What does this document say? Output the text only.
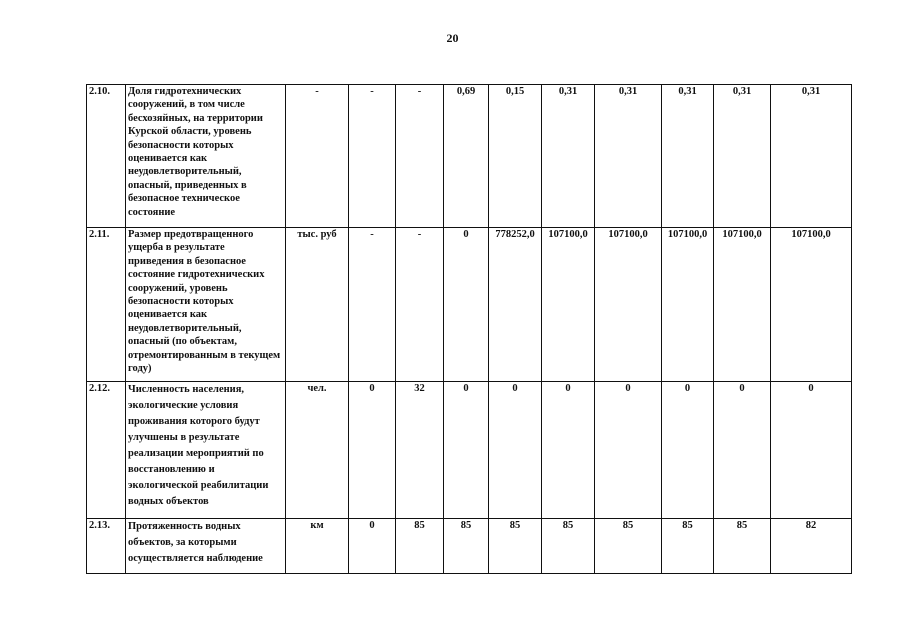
20
2.10.	Доля гидротехнических сооружений, в том числе бесхозяйных, на территории Курской области, уровень безопасности которых оценивается как неудовлетворительный, опасный, приведенных в безопасное техническое состояние	-	-	-	0,69	0,15	0,31	0,31	0,31	0,31	0,31
2.11.	Размер предотвращенного ущерба в результате приведения в безопасное состояние гидротехнических сооружений, уровень безопасности которых оценивается как неудовлетворительный, опасный (по объектам, отремонтированным в текущем году)	тыс. руб	-	-	0	778252,0	107100,0	107100,0	107100,0	107100,0	107100,0
2.12.	Численность населения, экологические условия проживания которого будут улучшены в результате реализации мероприятий по восстановлению и экологической реабилитации водных объектов	чел.	0	32	0	0	0	0	0	0	0
2.13.	Протяженность водных объектов, за которыми осуществляется наблюдение	км	0	85	85	85	85	85	85	85	82
